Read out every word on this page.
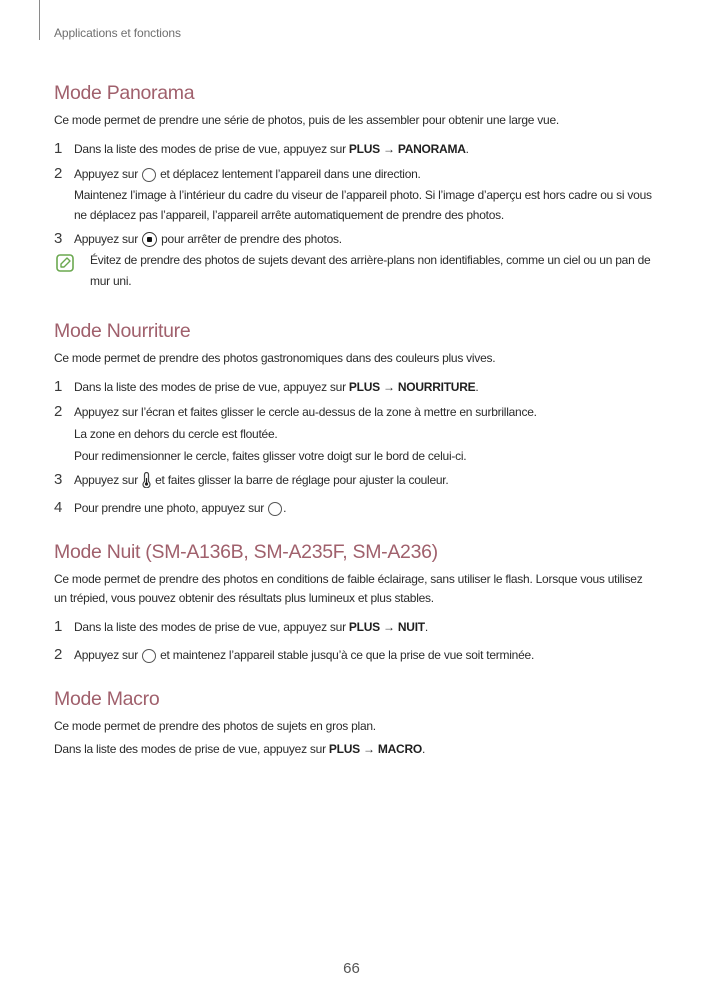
Applications et fonctions
Mode Panorama

Ce mode permet de prendre une série de photos, puis de les assembler pour obtenir une large vue.

1 Dans la liste des modes de prise de vue, appuyez sur PLUS → PANORAMA.
2 Appuyez sur  et déplacez lentement l’appareil dans une direction.
Maintenez l’image à l’intérieur du cadre du viseur de l’appareil photo. Si l’image d’aperçu est hors cadre ou si vous ne déplacez pas l’appareil, l’appareil arrête automatiquement de prendre des photos.
3 Appuyez sur  pour arrêter de prendre des photos.
Évitez de prendre des photos de sujets devant des arrière-plans non identifiables, comme un ciel ou un pan de mur uni.
Mode Nourriture

Ce mode permet de prendre des photos gastronomiques dans des couleurs plus vives.

1 Dans la liste des modes de prise de vue, appuyez sur PLUS → NOURRITURE.
2 Appuyez sur l’écran et faites glisser le cercle au-dessus de la zone à mettre en surbrillance.
La zone en dehors du cercle est floutée.
Pour redimensionner le cercle, faites glisser votre doigt sur le bord de celui-ci.
3 Appuyez sur  et faites glisser la barre de réglage pour ajuster la couleur.
4 Pour prendre une photo, appuyez sur .
Mode Nuit (SM-A136B, SM-A235F, SM-A236)

Ce mode permet de prendre des photos en conditions de faible éclairage, sans utiliser le flash. Lorsque vous utilisez un trépied, vous pouvez obtenir des résultats plus lumineux et plus stables.

1 Dans la liste des modes de prise de vue, appuyez sur PLUS → NUIT.
2 Appuyez sur  et maintenez l’appareil stable jusqu’à ce que la prise de vue soit terminée.
Mode Macro

Ce mode permet de prendre des photos de sujets en gros plan.

Dans la liste des modes de prise de vue, appuyez sur PLUS → MACRO.

66
